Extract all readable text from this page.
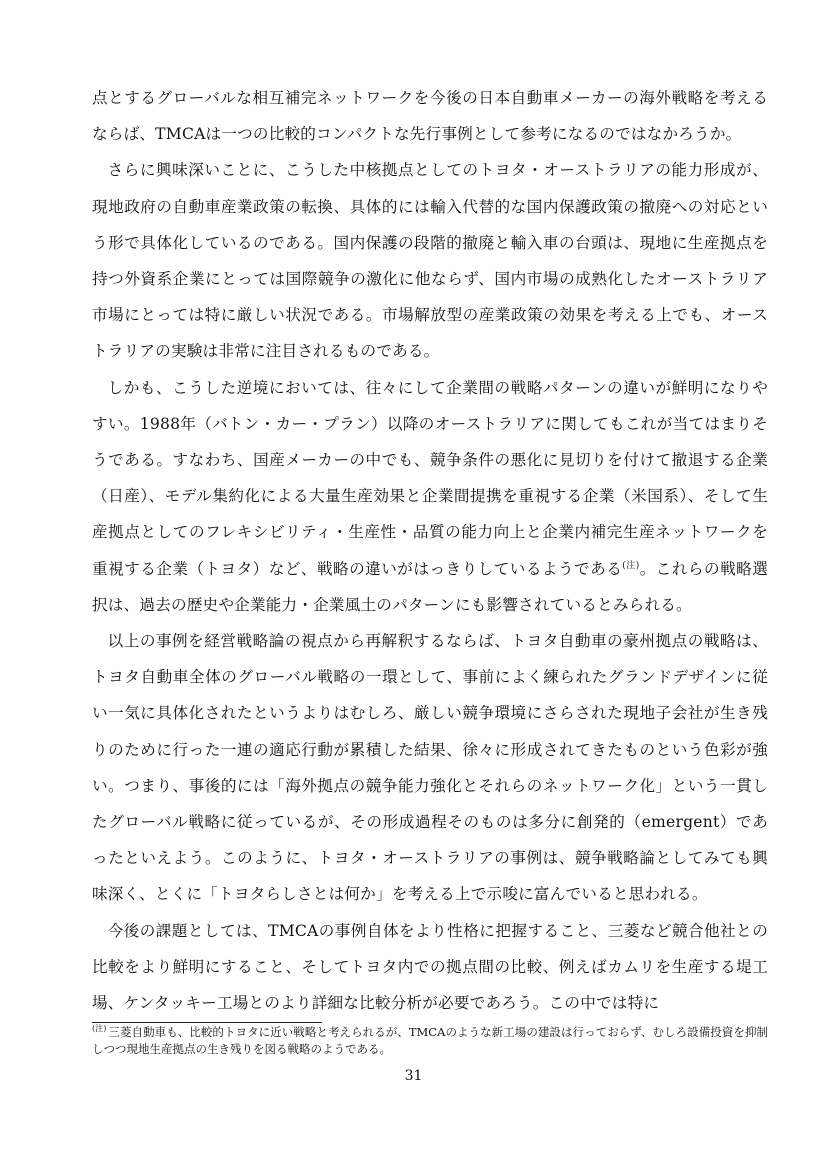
点とするグローバルな相互補完ネットワークを今後の日本自動車メーカーの海外戦略を考えるならば、TMCAは一つの比較的コンパクトな先行事例として参考になるのではなかろうか。

さらに興味深いことに、こうした中核拠点としてのトヨタ・オーストラリアの能力形成が、現地政府の自動車産業政策の転換、具体的には輸入代替的な国内保護政策の撤廃への対応という形で具体化しているのである。国内保護の段階的撤廃と輸入車の台頭は、現地に生産拠点を持つ外資系企業にとっては国際競争の激化に他ならず、国内市場の成熟化したオーストラリア市場にとっては特に厳しい状況である。市場解放型の産業政策の効果を考える上でも、オーストラリアの実験は非常に注目されるものである。

しかも、こうした逆境においては、往々にして企業間の戦略パターンの違いが鮮明になりやすい。1988年（バトン・カー・プラン）以降のオーストラリアに関してもこれが当てはまりそうである。すなわち、国産メーカーの中でも、競争条件の悪化に見切りを付けて撤退する企業（日産）、モデル集約化による大量生産効果と企業間提携を重視する企業（米国系）、そして生産拠点としてのフレキシビリティ・生産性・品質の能力向上と企業内補完生産ネットワークを重視する企業（トヨタ）など、戦略の違いがはっきりしているようである$^{(注)}$。これらの戦略選択は、過去の歴史や企業能力・企業風土のパターンにも影響されているとみられる。

以上の事例を経営戦略論の視点から再解釈するならば、トヨタ自動車の豪州拠点の戦略は、トヨタ自動車全体のグローバル戦略の一環として、事前によく練られたグランドデザインに従い一気に具体化されたというよりはむしろ、厳しい競争環境にさらされた現地子会社が生き残りのために行った一連の適応行動が累積した結果、徐々に形成されてきたものという色彩が強い。つまり、事後的には「海外拠点の競争能力強化とそれらのネットワーク化」という一貫したグローバル戦略に従っているが、その形成過程そのものは多分に創発的（emergent）であったといえよう。このように、トヨタ・オーストラリアの事例は、競争戦略論としてみても興味深く、とくに「トヨタらしさとは何か」を考える上で示唆に富んでいると思われる。

今後の課題としては、TMCAの事例自体をより性格に把握すること、三菱など競合他社との比較をより鮮明にすること、そしてトヨタ内での拠点間の比較、例えばカムリを生産する堤工場、ケンタッキー工場とのより詳細な比較分析が必要であろう。この中では特に

$^{(注)}$ 三菱自動車も、比較的トヨタに近い戦略と考えられるが、TMCAのような新工場の建設は行っておらず、むしろ設備投資を抑制しつつ現地生産拠点の生き残りを図る戦略のようである。
31
